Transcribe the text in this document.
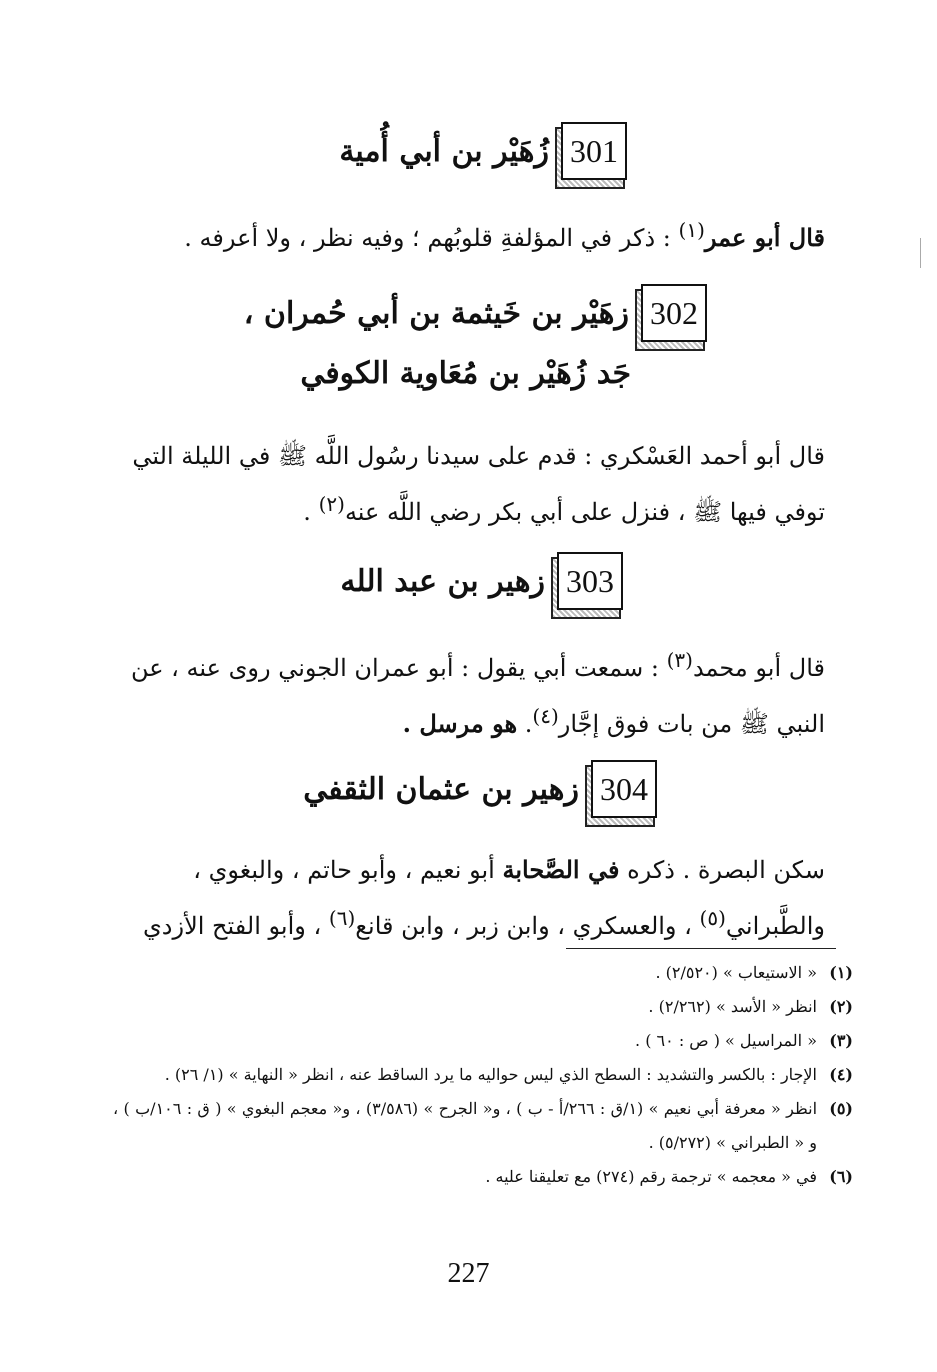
301
زُهَيْر بن أبي أُمية

قال أبو عمر$^{(١)}$ : ذكر في المؤلفةِ قلوبُهم ؛ وفيه نظر ، ولا أعرفه .

302
زهَيْر بن خَيثمة بن أبي حُمران ،
جَد زُهَيْر بن مُعَاوية الكوفي

قال أبو أحمد العَسْكري : قدم على سيدنا رسُول اللَّه ﷺ في الليلة التي

توفي فيها ﷺ ، فنزل على أبي بكر رضي اللَّه عنه$^{(٢)}$ .

303
زهير بن عبد الله

قال أبو محمد$^{(٣)}$ : سمعت أبي يقول : أبو عمران الجوني روى عنه ، عن

النبي ﷺ من بات فوق إجَّار$^{(٤)}$. هو مرسل .

304
زهير بن عثمان الثقفي

سكن البصرة . ذكره في الصَّحابة أبو نعيم ، وأبو حاتم ، والبغوي ،

والطَّبراني$^{(٥)}$ ، والعسكري ، وابن زبر ، وابن قانع$^{(٦)}$ ، وأبو الفتح الأزدي

(١)
« الاستيعاب » (٢/٥٢٠) .
(٢)
انظر « الأسد » (٢/٢٦٢) .
(٣)
« المراسيل » ( ص : ٦٠ ) .
(٤)
الإجار : بالكسر والتشديد : السطح الذي ليس حواليه ما يرد الساقط عنه ، انظر « النهاية » (١/ ٢٦) .
(٥)
انظر « معرفة أبي نعيم » (١/ق : ٢٦٦/أ - ب ) ، و« الجرح » (٣/٥٨٦) ، و« معجم البغوي » ( ق : ١٠٦/ب ) ، و « الطبراني » (٥/٢٧٢) .
(٦)
في « معجمه » ترجمة رقم (٢٧٤) مع تعليقنا عليه .
227
